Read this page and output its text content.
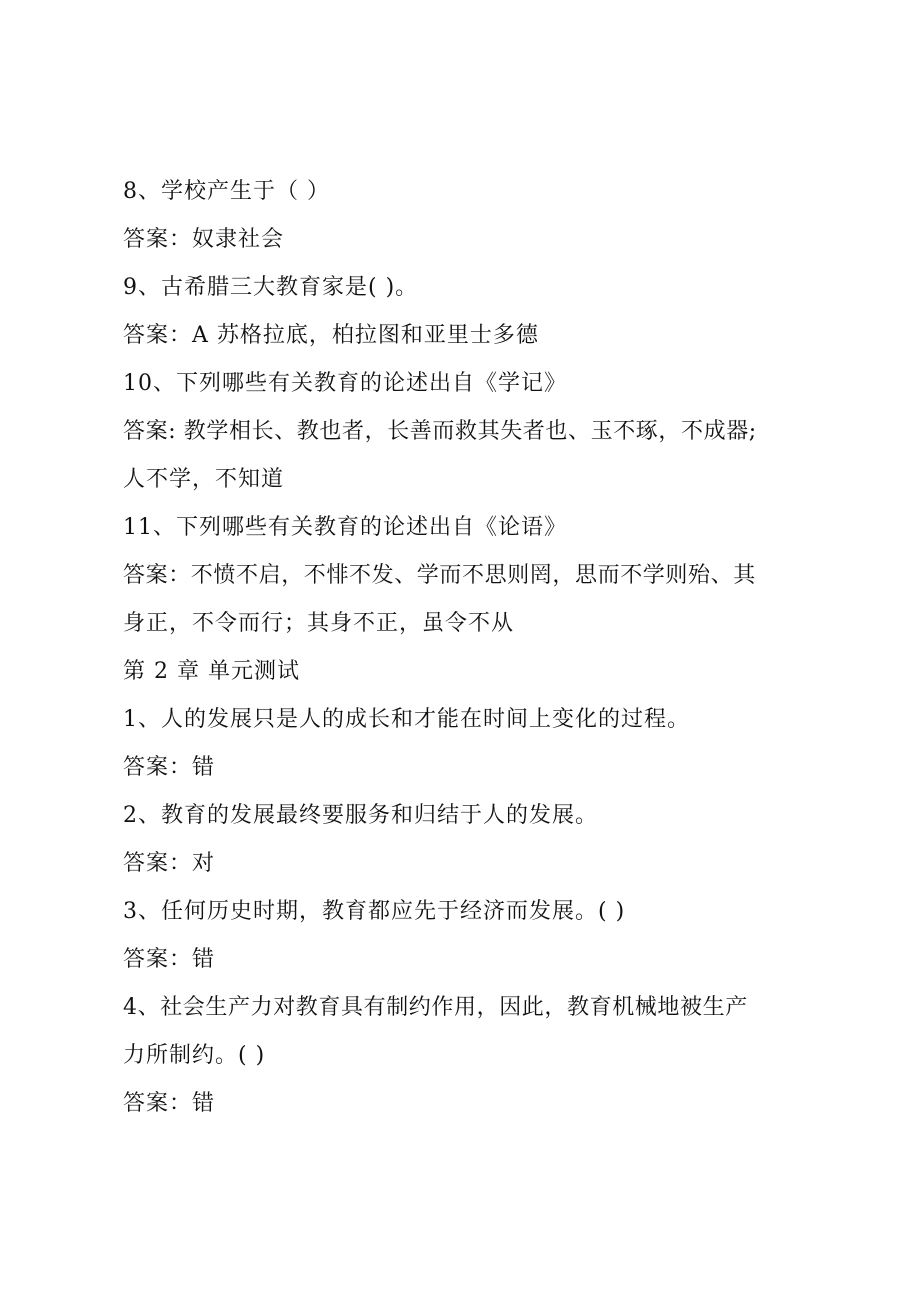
8、学校产生于（ ）
答案：奴隶社会
9、古希腊三大教育家是( )。
答案：A 苏格拉底，柏拉图和亚里士多德
10、下列哪些有关教育的论述出自《学记》
答案: 教学相长、教也者，长善而救其失者也、玉不琢，不成器;
人不学，不知道
11、下列哪些有关教育的论述出自《论语》
答案：不愤不启，不悱不发、学而不思则罔，思而不学则殆、其
身正，不令而行；其身不正，虽令不从
第 2 章 单元测试
1、人的发展只是人的成长和才能在时间上变化的过程。
答案：错
2、教育的发展最终要服务和归结于人的发展。
答案：对
3、任何历史时期，教育都应先于经济而发展。( )
答案：错
4、社会生产力对教育具有制约作用，因此，教育机械地被生产
力所制约。( )
答案：错
